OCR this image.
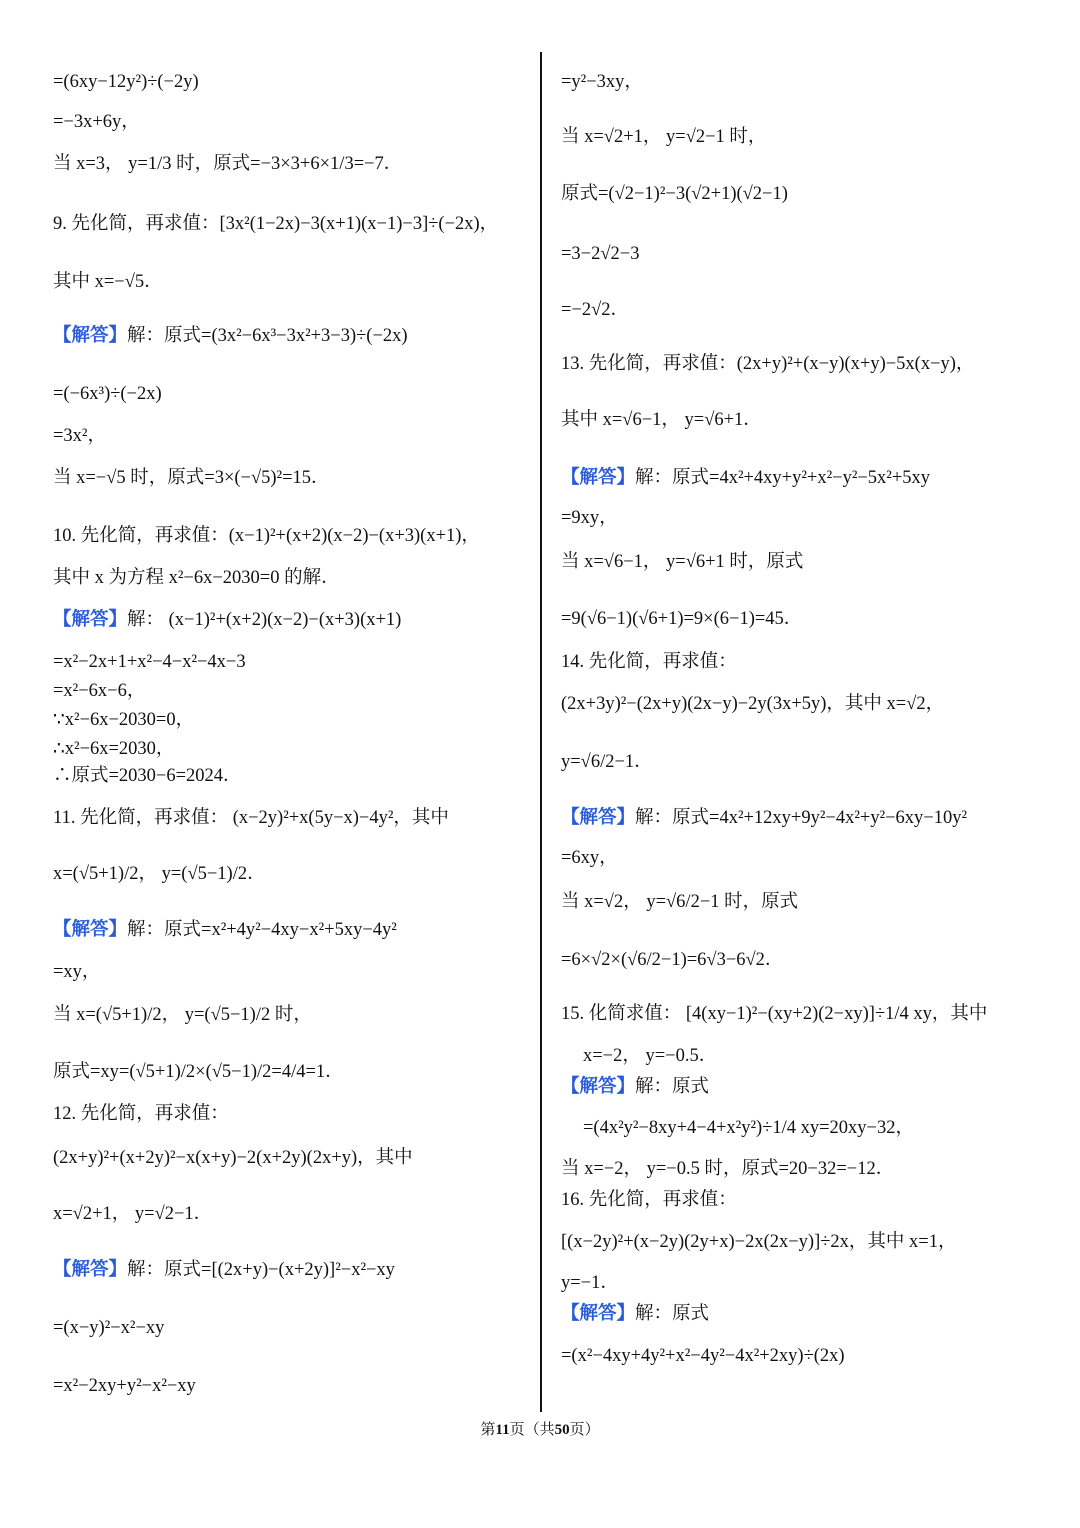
=(6xy−12y²)÷(−2y)
=−3x+6y，
当 x=3， y=1/3 时，原式=−3×3+6×1/3=−7．
9. 先化简，再求值：[3x²(1−2x)−3(x+1)(x−1)−3]÷(−2x)，
其中 x=−√5．
【解答】解：原式=(3x²−6x³−3x²+3−3)÷(−2x)
=(−6x³)÷(−2x)
=3x²，
当 x=−√5 时，原式=3×(−√5)²=15．
10. 先化简，再求值：(x−1)²+(x+2)(x−2)−(x+3)(x+1)，
其中 x 为方程 x²−6x−2030=0 的解．
【解答】解： (x−1)²+(x+2)(x−2)−(x+3)(x+1)
=x²−2x+1+x²−4−x²−4x−3
=x²−6x−6，
∵x²−6x−2030=0，
∴x²−6x=2030，
∴原式=2030−6=2024．
11. 先化简，再求值： (x−2y)²+x(5y−x)−4y²，其中
x=(√5+1)/2， y=(√5−1)/2．
【解答】解：原式=x²+4y²−4xy−x²+5xy−4y²
=xy，
当 x=(√5+1)/2， y=(√5−1)/2 时，
原式=xy=(√5+1)/2×(√5−1)/2=4/4=1．
12. 先化简，再求值：
(2x+y)²+(x+2y)²−x(x+y)−2(x+2y)(2x+y)，其中
x=√2+1， y=√2−1．
【解答】解：原式=[(2x+y)−(x+2y)]²−x²−xy
=(x−y)²−x²−xy
=x²−2xy+y²−x²−xy
=y²−3xy，
当 x=√2+1， y=√2−1 时，
原式=(√2−1)²−3(√2+1)(√2−1)
=3−2√2−3
=−2√2．
13. 先化简，再求值：(2x+y)²+(x−y)(x+y)−5x(x−y)，
其中 x=√6−1， y=√6+1．
【解答】解：原式=4x²+4xy+y²+x²−y²−5x²+5xy
=9xy，
当 x=√6−1， y=√6+1 时，原式
=9(√6−1)(√6+1)=9×(6−1)=45．
14. 先化简，再求值：
(2x+3y)²−(2x+y)(2x−y)−2y(3x+5y)，其中 x=√2，
y=√6/2−1．
【解答】解：原式=4x²+12xy+9y²−4x²+y²−6xy−10y²
=6xy，
当 x=√2， y=√6/2−1 时，原式
=6×√2×(√6/2−1)=6√3−6√2．
15. 化简求值： [4(xy−1)²−(xy+2)(2−xy)]÷1/4 xy，其中
x=−2， y=−0.5．
【解答】解：原式
=(4x²y²−8xy+4−4+x²y²)÷1/4 xy=20xy−32，
当 x=−2， y=−0.5 时，原式=20−32=−12．
16. 先化简，再求值：
[(x−2y)²+(x−2y)(2y+x)−2x(2x−y)]÷2x，其中 x=1，
y=−1．
【解答】解：原式
=(x²−4xy+4y²+x²−4y²−4x²+2xy)÷(2x)
第11页（共50页）
